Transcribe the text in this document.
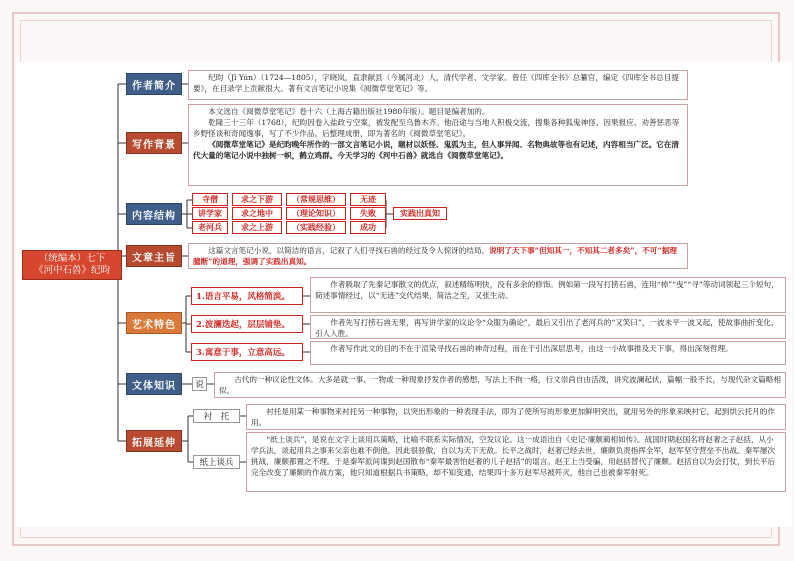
（统编本）七下
《河中石兽》纪昀
作者简介
写作背景
内容结构
文章主旨
艺术特色
文体知识
拓展延伸
纪昀（Jǐ Yún）（1724—1805），字晓岚，直隶献县（今属河北）人，清代学者、文学家。曾任《四库全书》总纂官，编定《四库全书总目提要》，在目录学上贡献很大。著有文言笔记小说集《阅微草堂笔记》等。
本文选自《阅微草堂笔记》卷十六（上海古籍出版社1980年版）。题目是编者加的。
乾隆三十三年（1768），纪昀因卷入盐政亏空案，被发配至乌鲁木齐。他沿途与当地人积极交流，搜集各种狐鬼神怪、因果报应、劝善惩恶等乡野怪谈和奇闻逸事，写了不少作品。后整理成册，即为著名的《阅微草堂笔记》。
《阅微草堂笔记》是纪昀晚年所作的一部文言笔记小说，题材以妖怪、鬼狐为主，但人事异闻、名物典故等也有记述，内容相当广泛。它在清代大量的笔记小说中独树一帜，鹤立鸡群。今天学习的《河中石兽》就选自《阅微草堂笔记》。
寺僧	求之下游	（常规思维）	无迹
讲学家	求之地中	（理论知识）	失败
老河兵	求之上游	（实践经验）	成功
实践出真知
这篇文言笔记小说，以简洁的语言，记叙了人们寻找石兽的经过及令人惊讶的结局，说明了天下事“但知其一，不知其二者多矣”，不可“据理臆断”的道理，强调了实践出真知。
1.语言平易，风格简淡。
作者吸取了先秦记事散文的优点，叙述精练明快，没有多余的修饰。例如第一段写打捞石兽，连用“棹”“曳”“寻”等动词领起三个短句，简述事情经过，以“无迹”交代结果，简洁之至，又张生动。
2.波澜迭起，层层铺垫。	作者先写打捞石兽无果，再写讲学家的议论令“众服为确论”，最后又引出了老河兵的“又笑曰”，一波未平一波又起，使故事曲折变化，引人入胜。
3.寓意于事，立意高远。	作者写作此文的目的不在于渲染寻找石兽的神奇过程，而在于引出深层思考，由这一小故事推及天下事，得出深刻哲理。
说
古代的一种议论性文体。大多是就一事、一物或一种现象抒发作者的感想，写法上不拘一格，行文崇尚自由活泼，讲究波澜起伏，篇幅一般不长，与现代杂文篇略相似。
衬　托
衬托是用某一种事物来衬托另一种事物，以突出形象的一种表现手法，即为了使所写的形象更加鲜明突出，就用另外的形象来映衬它，起到烘云托月的作用。
纸上谈兵
“纸上谈兵”，是说在文字上谈用兵策略，比喻不联系实际情况，空发议论。这一成语出自《史记·廉颇蔺相如传》。战国时期赵国名将赵奢之子赵括，从小学兵法，谈起用兵之事来父亲也难不倒他，因此很骄傲，自以为天下无敌。长平之战时，赵奢已经去世，廉颇负责指挥全军，赵军坚守营垒不出战。秦军屡次挑战，廉颇都置之不理。于是秦军派间谍到赵国散布“秦军最害怕赵奢的儿子赵括”的谣言。赵王上当受骗，用赵括替代了廉颇。赵括自以为会打仗，到长平后完全改变了廉颇的作战方案，他只知道根据兵书策略，却不知变通，结果四十多万赵军尽被歼灭，他自己也被秦军射死。
